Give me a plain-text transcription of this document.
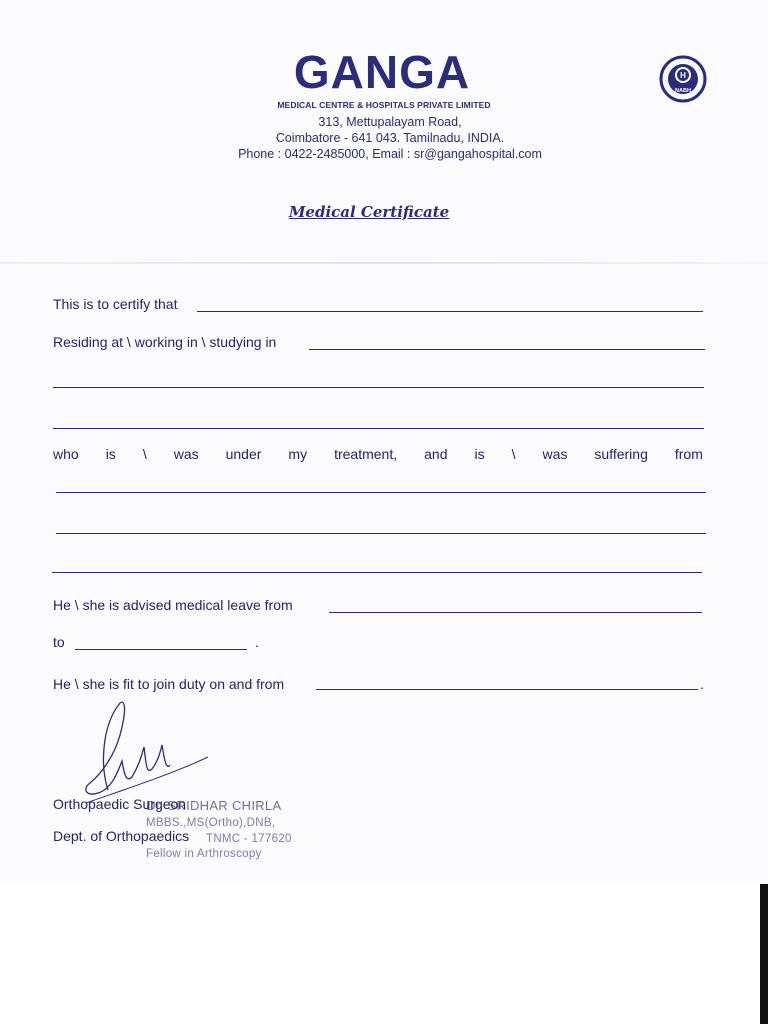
GANGA
MEDICAL CENTRE & HOSPITALS PRIVATE LIMITED
313, Mettupalayam Road,
Coimbatore - 641 043. Tamilnadu, INDIA.
Phone : 0422-2485000, Email : sr@gangahospital.com
H
NABH
Medical Certificate
This is to certify that
Residing at \ working in \ studying in
who is \ was under my treatment, and is \ was suffering from
He \ she is advised medical leave from
to	.
He \ she is fit to join duty on and from	.
Dr. SRIDHAR CHIRLA
MBBS.,MS(Ortho),DNB,
TNMC - 177620
Fellow in Arthroscopy
Orthopaedic Surgeon
Dept. of Orthopaedics
